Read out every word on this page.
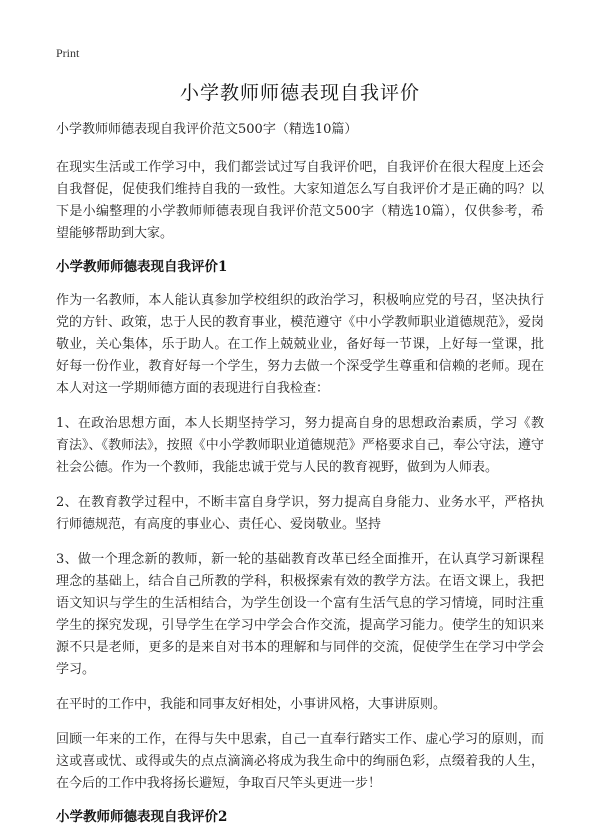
Print
小学教师师德表现自我评价
小学教师师德表现自我评价范文500字（精选10篇）

在现实生活或工作学习中，我们都尝试过写自我评价吧，自我评价在很大程度上还会自我督促，促使我们维持自我的一致性。大家知道怎么写自我评价才是正确的吗？以下是小编整理的小学教师师德表现自我评价范文500字（精选10篇），仅供参考，希望能够帮助到大家。

小学教师师德表现自我评价1

作为一名教师，本人能认真参加学校组织的政治学习，积极响应党的号召，坚决执行党的方针、政策，忠于人民的教育事业，模范遵守《中小学教师职业道德规范》，爱岗敬业，关心集体，乐于助人。在工作上兢兢业业，备好每一节课，上好每一堂课，批好每一份作业，教育好每一个学生，努力去做一个深受学生尊重和信赖的老师。现在本人对这一学期师德方面的表现进行自我检查：

1、在政治思想方面，本人长期坚持学习，努力提高自身的思想政治素质，学习《教育法》、《教师法》，按照《中小学教师职业道德规范》严格要求自己，奉公守法，遵守社会公德。作为一个教师，我能忠诚于党与人民的教育视野，做到为人师表。

2、在教育教学过程中，不断丰富自身学识，努力提高自身能力、业务水平，严格执行师德规范，有高度的事业心、责任心、爱岗敬业。坚持

3、做一个理念新的教师，新一轮的基础教育改革已经全面推开，在认真学习新课程理念的基础上，结合自己所教的学科，积极探索有效的教学方法。在语文课上，我把语文知识与学生的生活相结合，为学生创设一个富有生活气息的学习情境，同时注重学生的探究发现，引导学生在学习中学会合作交流，提高学习能力。使学生的知识来源不只是老师，更多的是来自对书本的理解和与同伴的交流，促使学生在学习中学会学习。

在平时的工作中，我能和同事友好相处，小事讲风格，大事讲原则。

回顾一年来的工作，在得与失中思索，自己一直奉行踏实工作、虚心学习的原则，而这或喜或忧、或得或失的点点滴滴必将成为我生命中的绚丽色彩，点缀着我的人生，在今后的工作中我将扬长避短，争取百尺竿头更进一步！

小学教师师德表现自我评价2
